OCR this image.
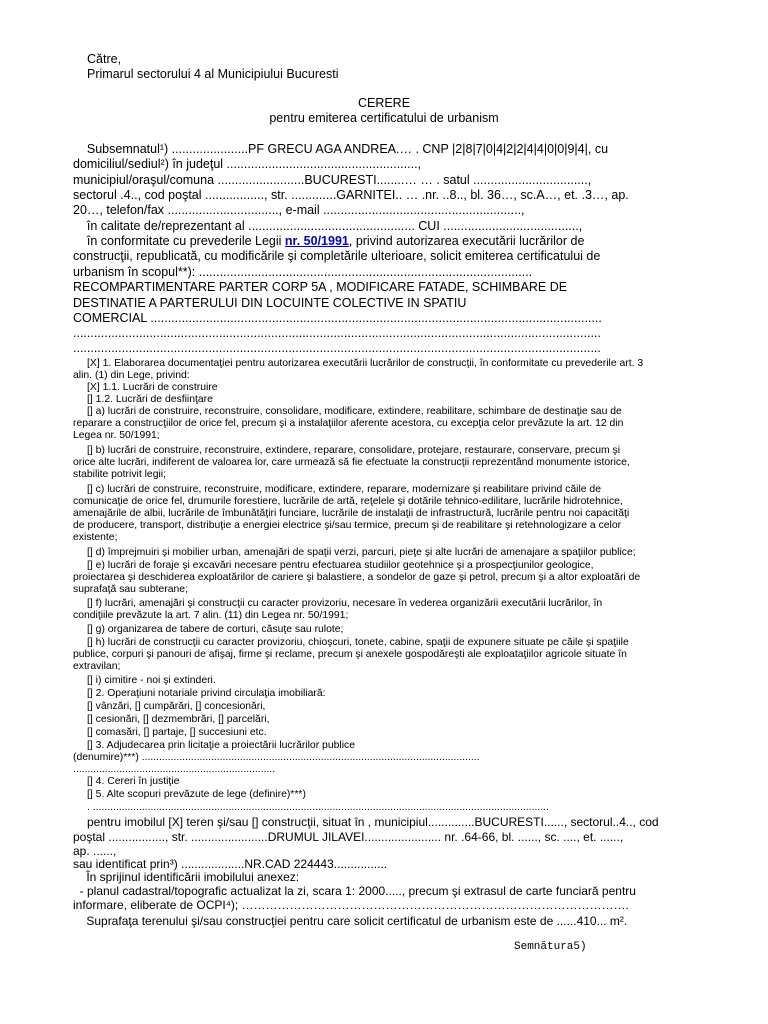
Către,
Primarul sectorului 4 al Municipiului Bucuresti
CERERE
pentru emiterea certificatului de urbanism
Subsemnatul¹) ......................PF GRECU AGA ANDREA.… . CNP |2|8|7|0|4|2|2|4|4|0|0|9|4|, cu
domiciliul/sediul²) în judeţul .......................................................,
municipiul/oraşul/comuna .........................BUCURESTI........… … . satul .................................,
sectorul .4.., cod poştal ................., str. .............GARNITEI.. … .nr. ..8.., bl. 36…, sc.A…, et. .3…, ap.
20…, telefon/fax ................................, e-mail .........................................................,
în calitate de/reprezentant al ................................................ CUI .......................................,
în conformitate cu prevederile Legii nr. 50/1991, privind autorizarea executării lucrărilor de
construcţii, republicată, cu modificările şi completările ulterioare, solicit emiterea certificatului de
urbanism în scopul**): ................................................................................................
RECOMPARTIMENTARE PARTER CORP 5A , MODIFICARE FATADE, SCHIMBARE DE
DESTINATIE A PARTERULUI DIN LOCUINTE COLECTIVE IN SPATIU
COMERCIAL ..................................................................................................................................
........................................................................................................................................................
........................................................................................................................................................
[X] 1. Elaborarea documentaţiei pentru autorizarea executării lucrărilor de construcţii, în conformitate cu prevederile art. 3
alin. (1) din Lege, privind:
[X] 1.1. Lucrări de construire
[] 1.2. Lucrări de desfiinţare
[] a) lucrări de construire, reconstruire, consolidare, modificare, extindere, reabilitare, schimbare de destinaţie sau de
reparare a construcţiilor de orice fel, precum şi a instalaţiilor aferente acestora, cu excepţia celor prevăzute la art. 12 din
Legea nr. 50/1991;
[] b) lucrări de construire, reconstruire, extindere, reparare, consolidare, protejare, restaurare, conservare, precum şi
orice alte lucrări, indiferent de valoarea lor, care urmează să fie efectuate la construcţii reprezentând monumente istorice,
stabilite potrivit legii;
[] c) lucrări de construire, reconstruire, modificare, extindere, reparare, modernizare şi reabilitare privind căile de
comunicaţie de orice fel, drumurile forestiere, lucrările de artă, reţelele şi dotările tehnico-edilitare, lucrările hidrotehnice,
amenajările de albii, lucrările de îmbunătăţiri funciare, lucrările de instalaţii de infrastructură, lucrările pentru noi capacităţi
de producere, transport, distribuţie a energiei electrice şi/sau termice, precum şi de reabilitare şi retehnologizare a celor
existente;
[] d) împrejmuiri şi mobilier urban, amenajări de spaţii verzi, parcuri, pieţe şi alte lucrări de amenajare a spaţiilor publice;
[] e) lucrări de foraje şi excavări necesare pentru efectuarea studiilor geotehnice şi a prospecţiunilor geologice,
proiectarea şi deschiderea exploatărilor de cariere şi balastiere, a sondelor de gaze şi petrol, precum şi a altor exploatări de
suprafaţă sau subterane;
[] f) lucrări, amenajări şi construcţii cu caracter provizoriu, necesare în vederea organizării executării lucrărilor, în
condiţiile prevăzute la art. 7 alin. (11) din Legea nr. 50/1991;
[] g) organizarea de tabere de corturi, căsuţe sau rulote;
[] h) lucrări de construcţii cu caracter provizoriu, chioşcuri, tonete, cabine, spaţii de expunere situate pe căile şi spaţiile
publice, corpuri şi panouri de afişaj, firme şi reclame, precum şi anexele gospodăreşti ale exploataţiilor agricole situate în
extravilan;
[] i) cimitire - noi şi extinderi.
[] 2. Operaţiuni notariale privind circulaţia imobiliară:
[] vânzări, [] cumpărări, [] concesionări,
[] cesionări, [] dezmembrări, [] parcelări,
[] comasări, [] partaje, [] succesiuni etc.
[] 3. Adjudecarea prin licitaţie a proiectării lucrărilor publice
(denumire)***) .....................................................................................................................
......................................................................
[] 4. Cereri în justiţie
[] 5. Alte scopuri prevăzute de lege (definire)***)
. ..............................................................................................................................................................
pentru imobilul [X] teren şi/sau [] construcţii, situat în , municipiul..............BUCURESTI......, sectorul..4.., cod
poştal ................., str. .......................DRUMUL JILAVEI....................... nr. .64-66, bl. ......, sc. ...., et. ......,
ap. ......,
sau identificat prin³) ...................NR.CAD 224443................
În sprijinul identificării imobilului anexez:
- planul cadastral/topografic actualizat la zi, scara 1: 2000....., precum şi extrasul de carte funciară pentru
informare, eliberate de OCPI⁴); …………………………………………………………………………………….
Suprafaţa terenului şi/sau construcţiei pentru care solicit certificatul de urbanism este de ......410... m².
Semnătura5)
